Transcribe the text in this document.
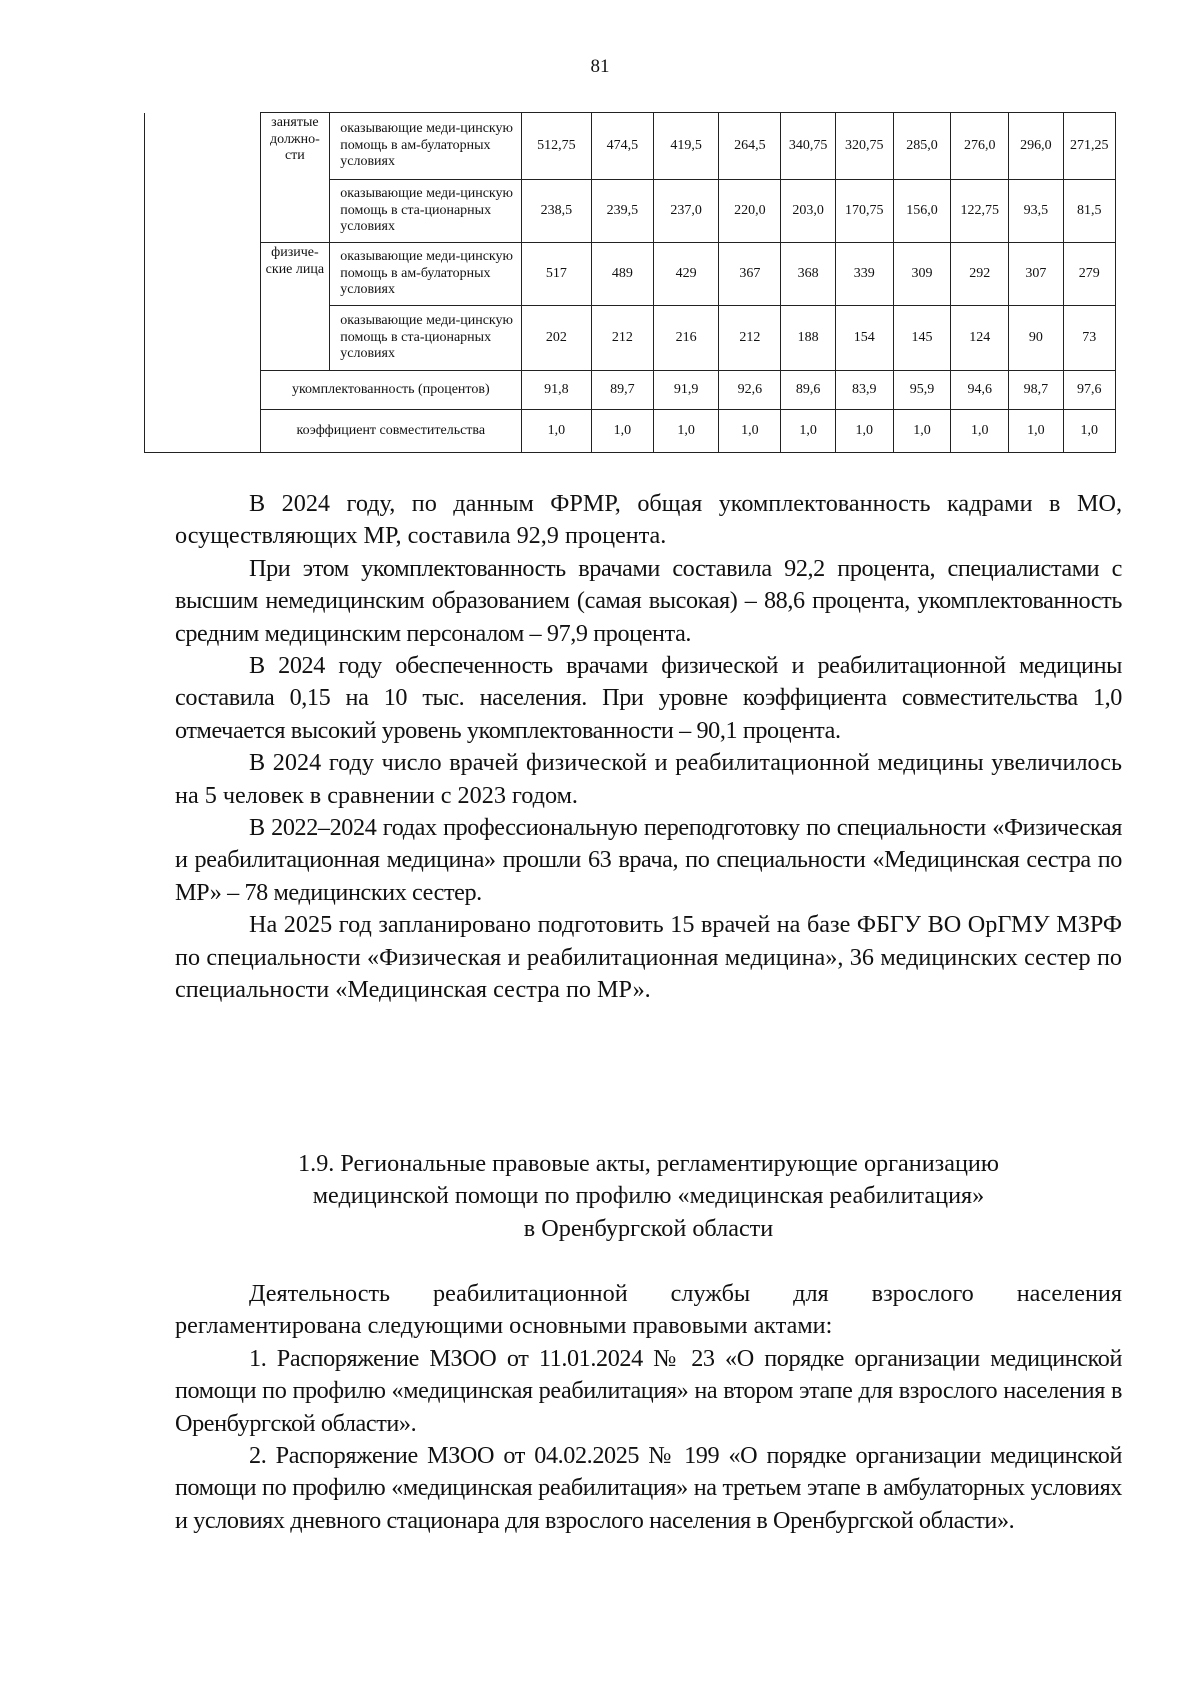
81
	занятые должно-сти	оказывающие меди-цинскую помощь в ам-булаторных условиях	512,75	474,5	419,5	264,5	340,75	320,75	285,0	276,0	296,0	271,25
		оказывающие меди-цинскую помощь в ста-ционарных условиях	238,5	239,5	237,0	220,0	203,0	170,75	156,0	122,75	93,5	81,5
	физиче-ские лица	оказывающие меди-цинскую помощь в ам-булаторных условиях	517	489	429	367	368	339	309	292	307	279
		оказывающие меди-цинскую помощь в ста-ционарных условиях	202	212	216	212	188	154	145	124	90	73
	укомплектованность (процентов)		91,8	89,7	91,9	92,6	89,6	83,9	95,9	94,6	98,7	97,6
	коэффициент совместительства		1,0	1,0	1,0	1,0	1,0	1,0	1,0	1,0	1,0	1,0

В 2024 году, по данным ФРМР, общая укомплектованность кадрами в МО, осуществляющих МР, составила 92,9 процента.

При этом укомплектованность врачами составила 92,2 процента, специалистами с высшим немедицинским образованием (самая высокая) – 88,6 процента, укомплектованность средним медицинским персоналом – 97,9 процента.

В 2024 году обеспеченность врачами физической и реабилитационной медицины составила 0,15 на 10 тыс. населения. При уровне коэффициента совместительства 1,0 отмечается высокий уровень укомплектованности – 90,1 процента.

В 2024 году число врачей физической и реабилитационной медицины увеличилось на 5 человек в сравнении с 2023 годом.

В 2022–2024 годах профессиональную переподготовку по специальности «Физическая и реабилитационная медицина» прошли 63 врача, по специальности «Медицинская сестра по МР» – 78 медицинских сестер.

На 2025 год запланировано подготовить 15 врачей на базе ФБГУ ВО ОрГМУ МЗРФ по специальности «Физическая и реабилитационная медицина», 36 медицинских сестер по специальности «Медицинская сестра по МР».

1.9. Региональные правовые акты, регламентирующие организацию
медицинской помощи по профилю «медицинская реабилитация»
в Оренбургской области

Деятельность реабилитационной службы для взрослого населения регламентирована следующими основными правовыми актами:

1. Распоряжение МЗОО от 11.01.2024 № 23 «О порядке организации медицинской помощи по профилю «медицинская реабилитация» на втором этапе для взрослого населения в Оренбургской области».

2. Распоряжение МЗОО от 04.02.2025 № 199 «О порядке организации медицинской помощи по профилю «медицинская реабилитация» на третьем этапе в амбулаторных условиях и условиях дневного стационара для взрослого населения в Оренбургской области».
